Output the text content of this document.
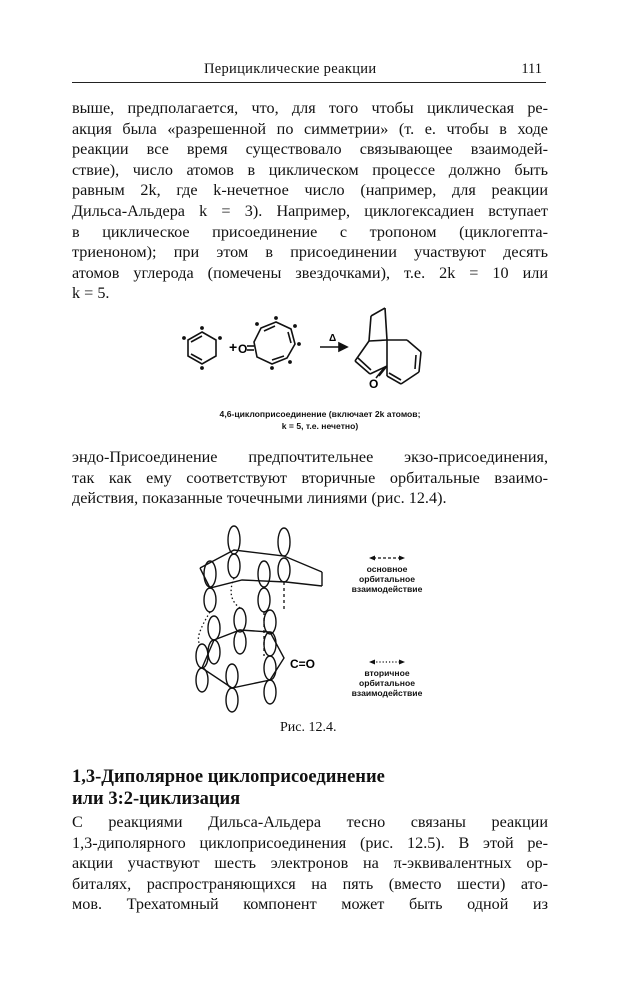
Перициклические реакции	111
выше, предполагается, что, для того чтобы циклическая ре-
акция была «разрешенной по симметрии» (т. е. чтобы в ходе
реакции все время существовало связывающее взаимодей-
ствие), число атомов в циклическом процессе должно быть
равным 2k, где k-нечетное число (например, для реакции
Дильса-Альдера k = 3). Например, циклогексадиен вступает
в циклическое присоединение с тропоном (циклогепта-
триеноном); при этом в присоединении участвуют десять
атомов углерода (помечены звездочками), т.е. 2k = 10 или
k = 5.
+ O
Δ
O
4,6-циклоприсоединение (включает 2k атомов;
k = 5, т.е. нечетно)
эндо-Присоединение предпочтительнее экзо-присоединения,
так как ему соответствуют вторичные орбитальные взаимо-
действия, показанные точечными линиями (рис. 12.4).
C=O
основное
орбитальное
взаимодействие
вторичное
орбитальное
взаимодействие
Рис. 12.4.
1,3-Диполярное циклоприсоединение
или 3:2-циклизация
С реакциями Дильса-Альдера тесно связаны реакции
1,3-диполярного циклоприсоединения (рис. 12.5). В этой ре-
акции участвуют шесть электронов на π-эквивалентных ор-
биталях, распространяющихся на пять (вместо шести) ато-
мов. Трехатомный компонент может быть одной из
